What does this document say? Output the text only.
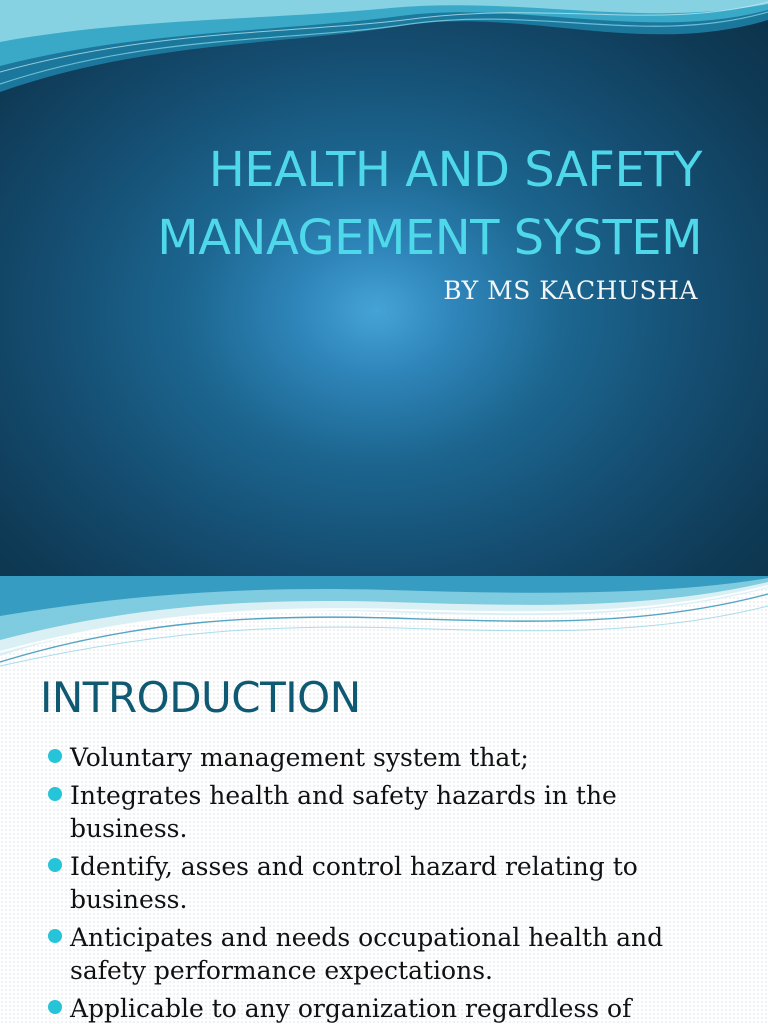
HEALTH AND SAFETY
MANAGEMENT SYSTEM

BY MS KACHUSHA

INTRODUCTION
Voluntary management system that;
Integrates health and safety hazards in the business.
Identify, asses and control hazard relating to business.
Anticipates and needs occupational health and safety performance expectations.
Applicable to any organization regardless of
